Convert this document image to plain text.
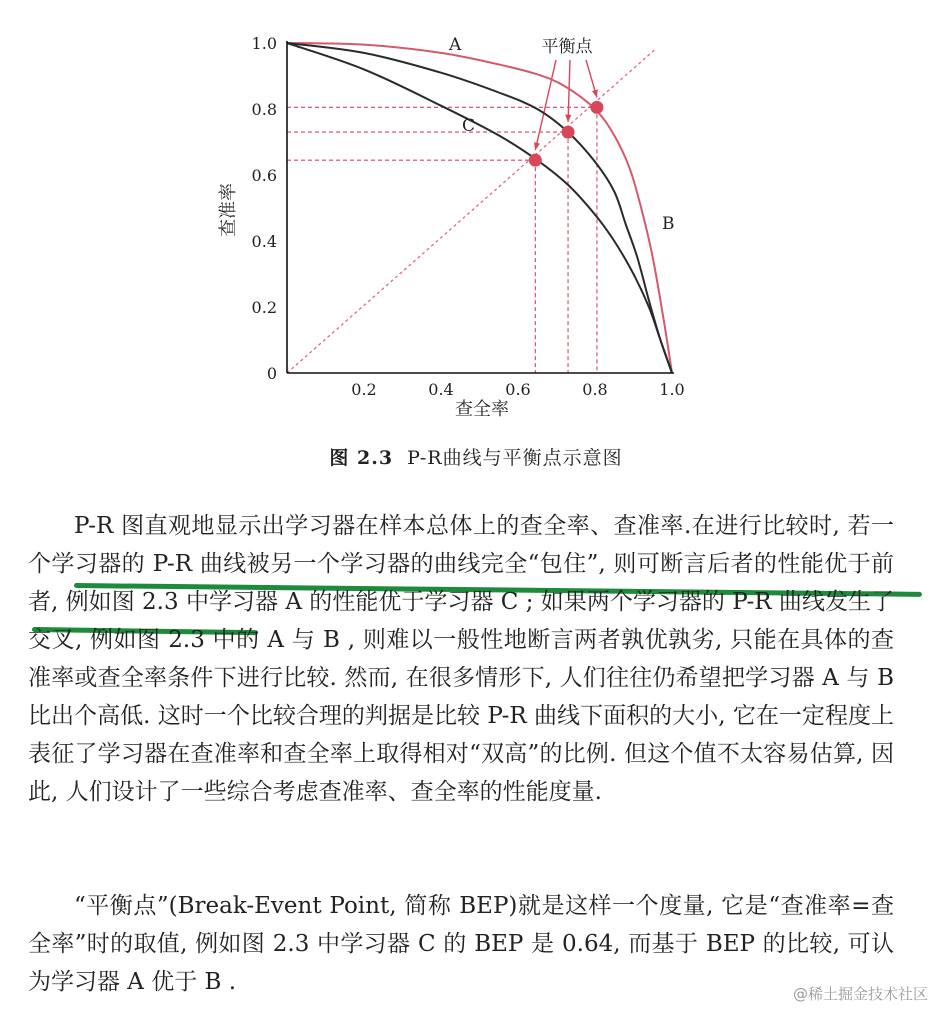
0.2	0.4	0.6	0.8	1.0
0
0.2
0.4
0.6
0.8
1.0	A
B
C
查全率
查准率
平衡点
图 2.3 P-R曲线与平衡点示意图

P-R 图直观地显示出学习器在样本总体上的查全率、查准率.在进行比较时, 若一个学习器的 P-R 曲线被另一个学习器的曲线完全“包住”, 则可断言后者的性能优于前者, 例如图 2.3 中学习器 A 的性能优于学习器 C ; 如果两个学习器的 P-R 曲线发生了交叉, 例如图 2.3 中的 A 与 B , 则难以一般性地断言两者孰优孰劣, 只能在具体的查准率或查全率条件下进行比较. 然而, 在很多情形下, 人们往往仍希望把学习器 A 与 B 比出个高低. 这时一个比较合理的判据是比较 P-R 曲线下面积的大小, 它在一定程度上表征了学习器在查准率和查全率上取得相对“双高”的比例. 但这个值不太容易估算, 因此, 人们设计了一些综合考虑查准率、查全率的性能度量.

“平衡点”(Break-Event Point, 简称 BEP)就是这样一个度量, 它是“查准率=查全率”时的取值, 例如图 2.3 中学习器 C 的 BEP 是 0.64, 而基于 BEP 的比较, 可认为学习器 A 优于 B .	@稀土掘金技术社区
